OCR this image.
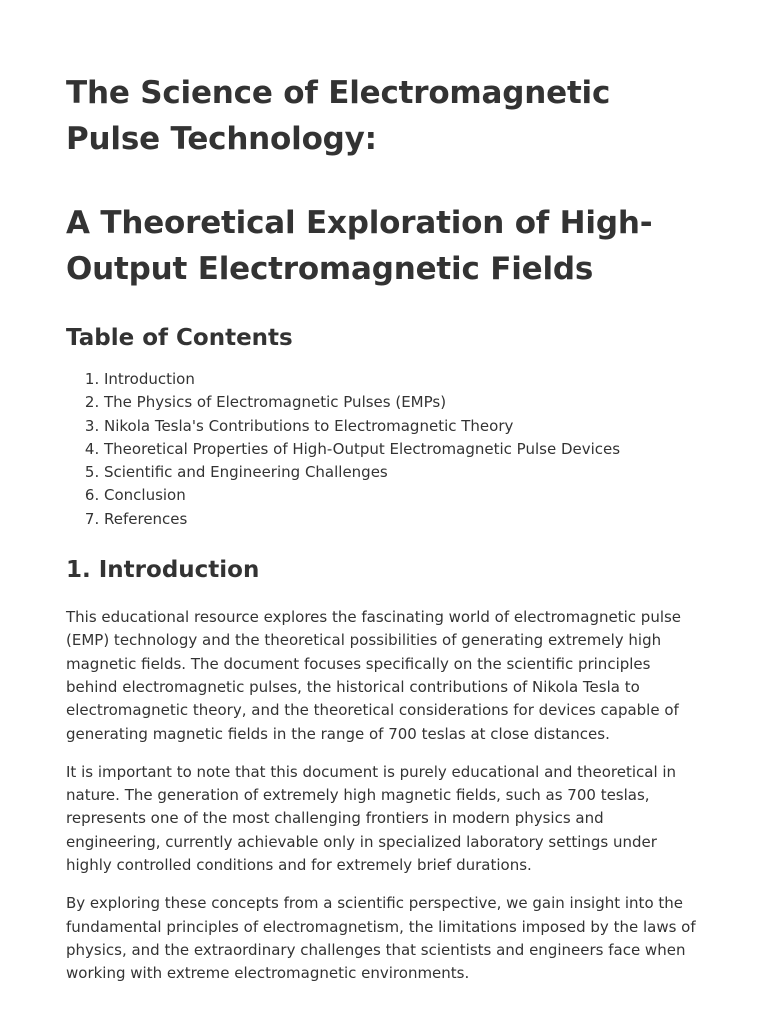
The Science of Electromagnetic Pulse Technology:
A Theoretical Exploration of High-Output Electromagnetic Fields
Table of Contents
1. Introduction
2. The Physics of Electromagnetic Pulses (EMPs)
3. Nikola Tesla's Contributions to Electromagnetic Theory
4. Theoretical Properties of High-Output Electromagnetic Pulse Devices
5. Scientific and Engineering Challenges
6. Conclusion
7. References
1. Introduction

This educational resource explores the fascinating world of electromagnetic pulse (EMP) technology and the theoretical possibilities of generating extremely high magnetic fields. The document focuses specifically on the scientific principles behind electromagnetic pulses, the historical contributions of Nikola Tesla to electromagnetic theory, and the theoretical considerations for devices capable of generating magnetic fields in the range of 700 teslas at close distances.

It is important to note that this document is purely educational and theoretical in nature. The generation of extremely high magnetic fields, such as 700 teslas, represents one of the most challenging frontiers in modern physics and engineering, currently achievable only in specialized laboratory settings under highly controlled conditions and for extremely brief durations.

By exploring these concepts from a scientific perspective, we gain insight into the fundamental principles of electromagnetism, the limitations imposed by the laws of physics, and the extraordinary challenges that scientists and engineers face when working with extreme electromagnetic environments.
